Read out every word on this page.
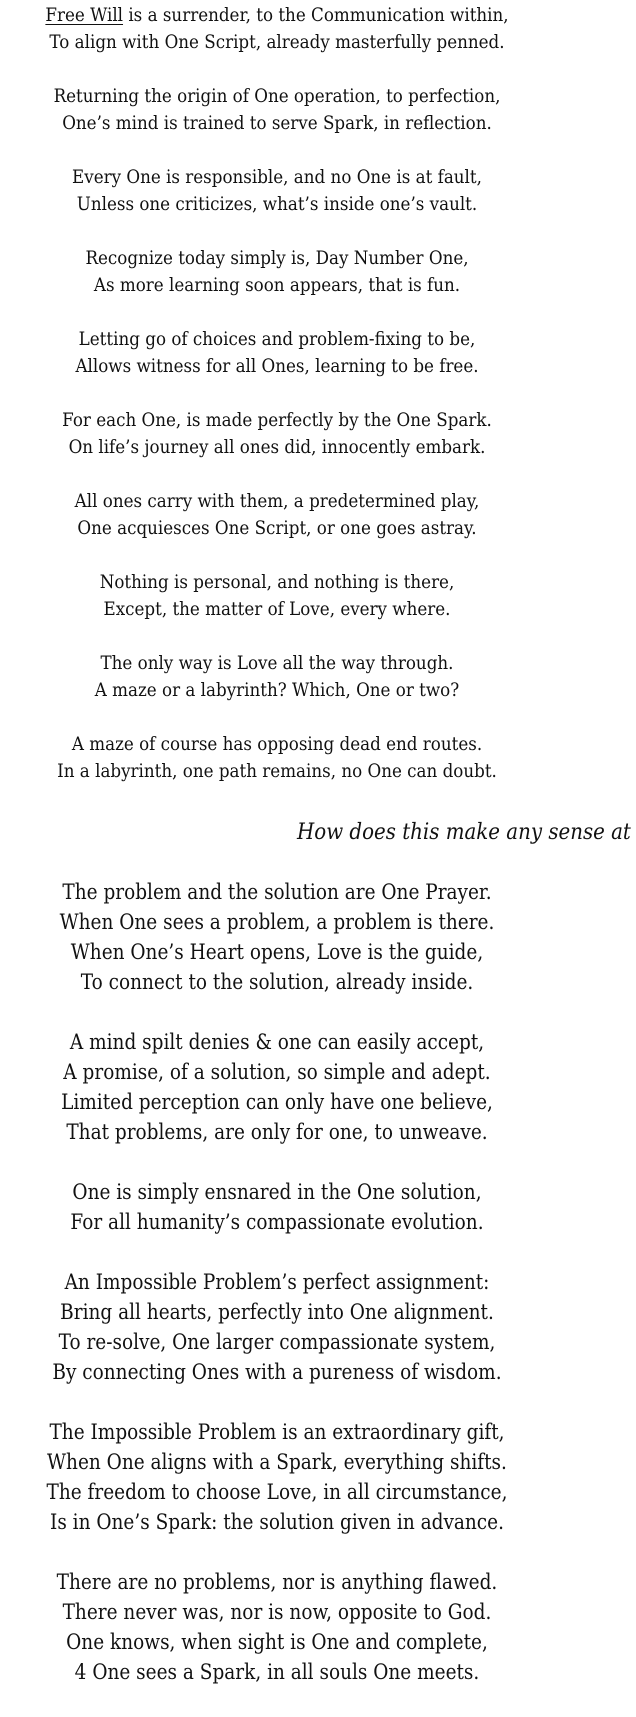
Free Will is a surrender, to the Communication within,
To align with One Script, already masterfully penned.
Returning the origin of One operation, to perfection,
One’s mind is trained to serve Spark, in reflection.
Every One is responsible, and no One is at fault,
Unless one criticizes, what’s inside one’s vault.
Recognize today simply is, Day Number One,
As more learning soon appears, that is fun.
Letting go of choices and problem-fixing to be,
Allows witness for all Ones, learning to be free.
For each One, is made perfectly by the One Spark.
On life’s journey all ones did, innocently embark.
All ones carry with them, a predetermined play,
One acquiesces One Script, or one goes astray.
Nothing is personal, and nothing is there,
Except, the matter of Love, every where.
The only way is Love all the way through.
A maze or a labyrinth? Which, One or two?
A maze of course has opposing dead end routes.
In a labyrinth, one path remains, no One can doubt.
How does this make any sense at
The problem and the solution are One Prayer.
When One sees a problem, a problem is there.
When One’s Heart opens, Love is the guide,
To connect to the solution, already inside.
A mind spilt denies & one can easily accept,
A promise, of a solution, so simple and adept.
Limited perception can only have one believe,
That problems, are only for one, to unweave.
One is simply ensnared in the One solution,
For all humanity’s compassionate evolution.
An Impossible Problem’s perfect assignment:
Bring all hearts, perfectly into One alignment.
To re-solve, One larger compassionate system,
By connecting Ones with a pureness of wisdom.
The Impossible Problem is an extraordinary gift,
When One aligns with a Spark, everything shifts.
The freedom to choose Love, in all circumstance,
Is in One’s Spark: the solution given in advance.
There are no problems, nor is anything flawed.
There never was, nor is now, opposite to God.
One knows, when sight is One and complete,
4 One sees a Spark, in all souls One meets.
